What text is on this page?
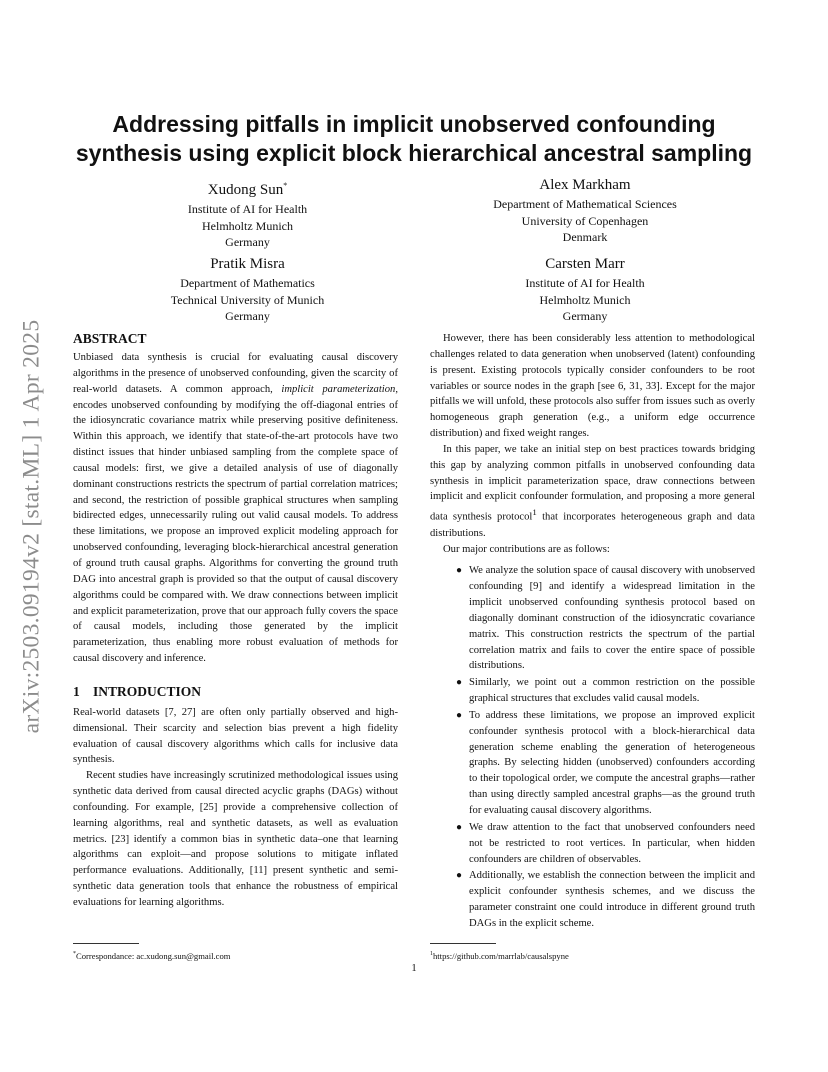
arXiv:2503.09194v2 [stat.ML] 1 Apr 2025
Addressing pitfalls in implicit unobserved confounding
synthesis using explicit block hierarchical ancestral sampling
Xudong Sun*
Institute of AI for Health
Helmholtz Munich
Germany
Alex Markham
Department of Mathematical Sciences
University of Copenhagen
Denmark
Pratik Misra
Department of Mathematics
Technical University of Munich
Germany
Carsten Marr
Institute of AI for Health
Helmholtz Munich
Germany
ABSTRACT

Unbiased data synthesis is crucial for evaluating causal discovery algorithms in the presence of unobserved confounding, given the scarcity of real-world datasets. A common approach, implicit parameterization, encodes unobserved confounding by modifying the off-diagonal entries of the idiosyncratic covariance matrix while preserving positive definiteness. Within this approach, we identify that state-of-the-art protocols have two distinct issues that hinder unbiased sampling from the complete space of causal models: first, we give a detailed analysis of use of diagonally dominant constructions restricts the spectrum of partial correlation matrices; and second, the restriction of possible graphical structures when sampling bidirected edges, unnecessarily ruling out valid causal models. To address these limitations, we propose an improved explicit modeling approach for unobserved confounding, leveraging block-hierarchical ancestral generation of ground truth causal graphs. Algorithms for converting the ground truth DAG into ancestral graph is provided so that the output of causal discovery algorithms could be compared with. We draw connections between implicit and explicit parameterization, prove that our approach fully covers the space of causal models, including those generated by the implicit parameterization, thus enabling more robust evaluation of methods for causal discovery and inference.

1 INTRODUCTION

Real-world datasets [7, 27] are often only partially observed and high-dimensional. Their scarcity and selection bias prevent a high fidelity evaluation of causal discovery algorithms which calls for inclusive data synthesis.

Recent studies have increasingly scrutinized methodological issues using synthetic data derived from causal directed acyclic graphs (DAGs) without confounding. For example, [25] provide a comprehensive collection of learning algorithms, real and synthetic datasets, as well as evaluation metrics. [23] identify a common bias in synthetic data–one that learning algorithms can exploit—and propose solutions to mitigate inflated performance evaluations. Additionally, [11] present synthetic and semi-synthetic data generation tools that enhance the robustness of empirical evaluations for learning algorithms.

However, there has been considerably less attention to methodological challenges related to data generation when unobserved (latent) confounding is present. Existing protocols typically consider confounders to be root variables or source nodes in the graph [see 6, 31, 33]. Except for the major pitfalls we will unfold, these protocols also suffer from issues such as overly homogeneous graph generation (e.g., a uniform edge occurrence distribution) and fixed weight ranges.

In this paper, we take an initial step on best practices towards bridging this gap by analyzing common pitfalls in unobserved confounding data synthesis in implicit parameterization space, draw connections between implicit and explicit confounder formulation, and proposing a more general data synthesis protocol$^1$ that incorporates heterogeneous graph and data distributions.

Our major contributions are as follows:

● We analyze the solution space of causal discovery with unobserved confounding [9] and identify a widespread limitation in the implicit unobserved confounding synthesis protocol based on diagonally dominant construction of the idiosyncratic covariance matrix. This construction restricts the spectrum of the partial correlation matrix and fails to cover the entire space of possible distributions.
● Similarly, we point out a common restriction on the possible graphical structures that excludes valid causal models.
● To address these limitations, we propose an improved explicit confounder synthesis protocol with a block-hierarchical data generation scheme enabling the generation of heterogeneous graphs. By selecting hidden (unobserved) confounders according to their topological order, we compute the ancestral graphs—rather than using directly sampled ancestral graphs—as the ground truth for evaluating causal discovery algorithms.
● We draw attention to the fact that unobserved confounders need not be restricted to root vertices. In particular, when hidden confounders are children of observables.
● Additionally, we establish the connection between the implicit and explicit confounder synthesis schemes, and we discuss the parameter constraint one could introduce in different ground truth DAGs in the explicit scheme.
*Correspondance: ac.xudong.sun@gmail.com	$^1$https://github.com/marrlab/causalspyne
1
